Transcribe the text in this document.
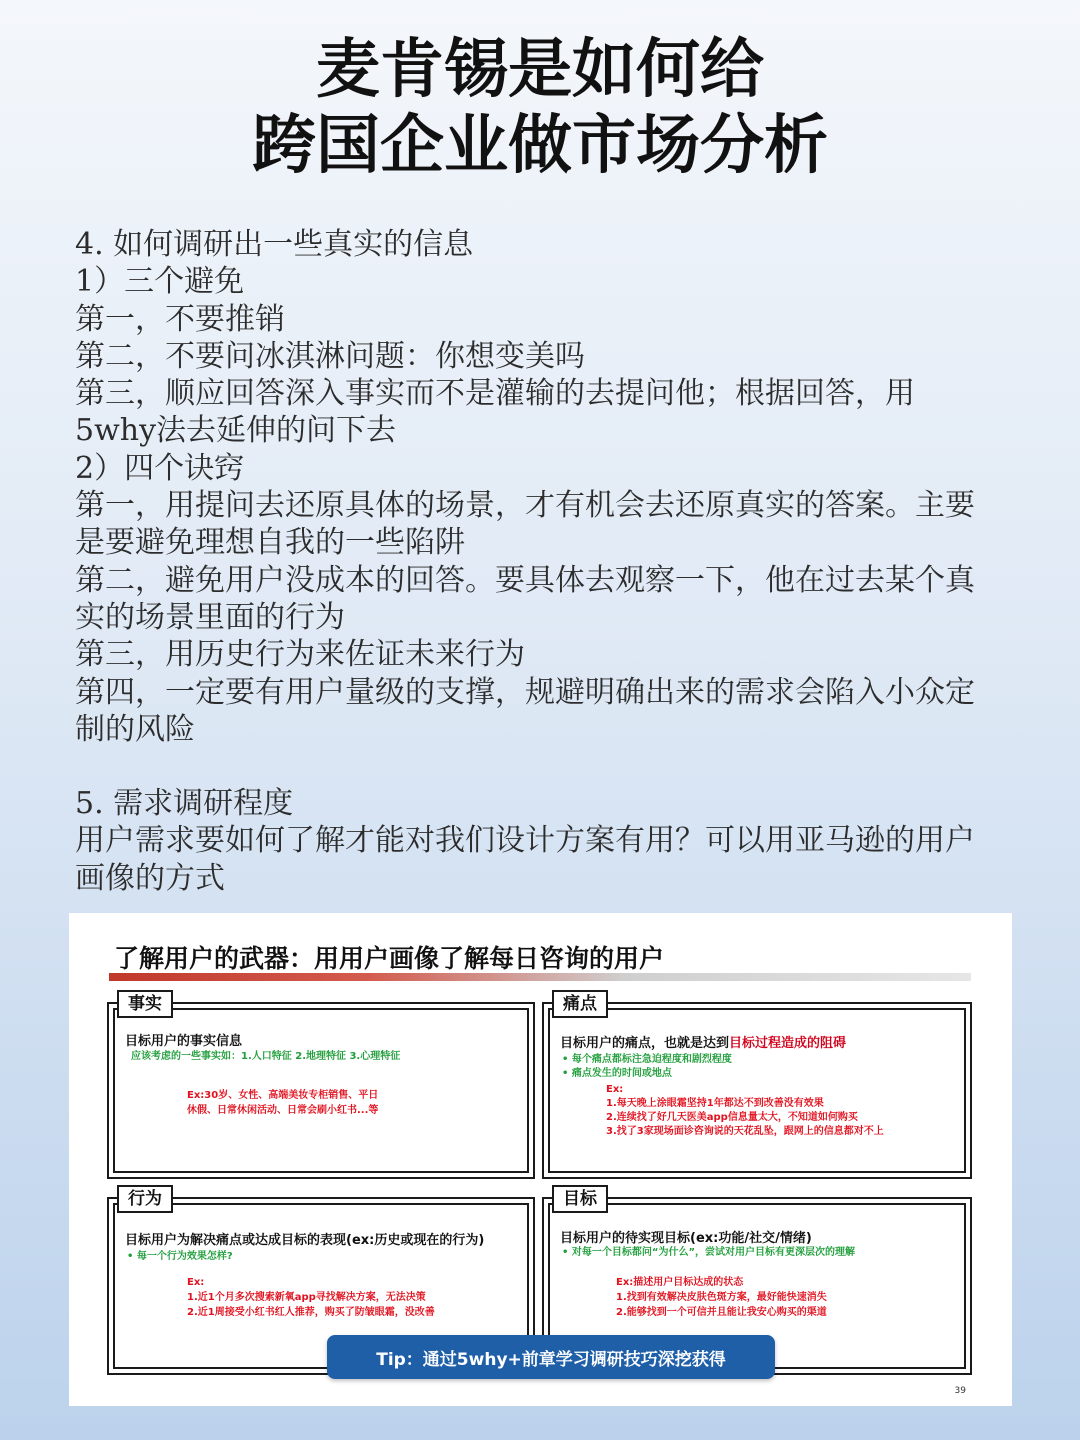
麦肯锡是如何给
跨国企业做市场分析
4. 如何调研出一些真实的信息
1）三个避免
第一，不要推销
第二，不要问冰淇淋问题：你想变美吗
第三，顺应回答深入事实而不是灌输的去提问他；根据回答，用
5why法去延伸的问下去
2）四个诀窍
第一，用提问去还原具体的场景，才有机会去还原真实的答案。主要
是要避免理想自我的一些陷阱
第二，避免用户没成本的回答。要具体去观察一下，他在过去某个真
实的场景里面的行为
第三，用历史行为来佐证未来行为
第四，一定要有用户量级的支撑，规避明确出来的需求会陷入小众定
制的风险
5. 需求调研程度
用户需求要如何了解才能对我们设计方案有用？可以用亚马逊的用户
画像的方式
了解用户的武器：用用户画像了解每日咨询的用户
事实
目标用户的事实信息
应该考虑的一些事实如：1.人口特征 2.地理特征 3.心理特征
Ex:30岁、女性、高端美妆专柜销售、平日
休假、日常休闲活动、日常会刷小红书...等
痛点
目标用户的痛点，也就是达到目标过程造成的阻碍
• 每个痛点都标注急迫程度和剧烈程度
• 痛点发生的时间或地点
Ex:
1.每天晚上涂眼霜坚持1年都达不到改善没有效果
2.连续找了好几天医美app信息量太大，不知道如何购买
3.找了3家现场面诊咨询说的天花乱坠，跟网上的信息都对不上
行为
目标用户为解决痛点或达成目标的表现(ex:历史或现在的行为)
• 每一个行为效果怎样?
Ex:
1.近1个月多次搜索新氧app寻找解决方案，无法决策
2.近1周接受小红书红人推荐，购买了防皱眼霜，没改善
目标
目标用户的待实现目标(ex:功能/社交/情绪)
• 对每一个目标都问“为什么”，尝试对用户目标有更深层次的理解
Ex:描述用户目标达成的状态
1.找到有效解决皮肤色斑方案，最好能快速消失
2.能够找到一个可信并且能让我安心购买的渠道
Tip：通过5why+前章学习调研技巧深挖获得
39
